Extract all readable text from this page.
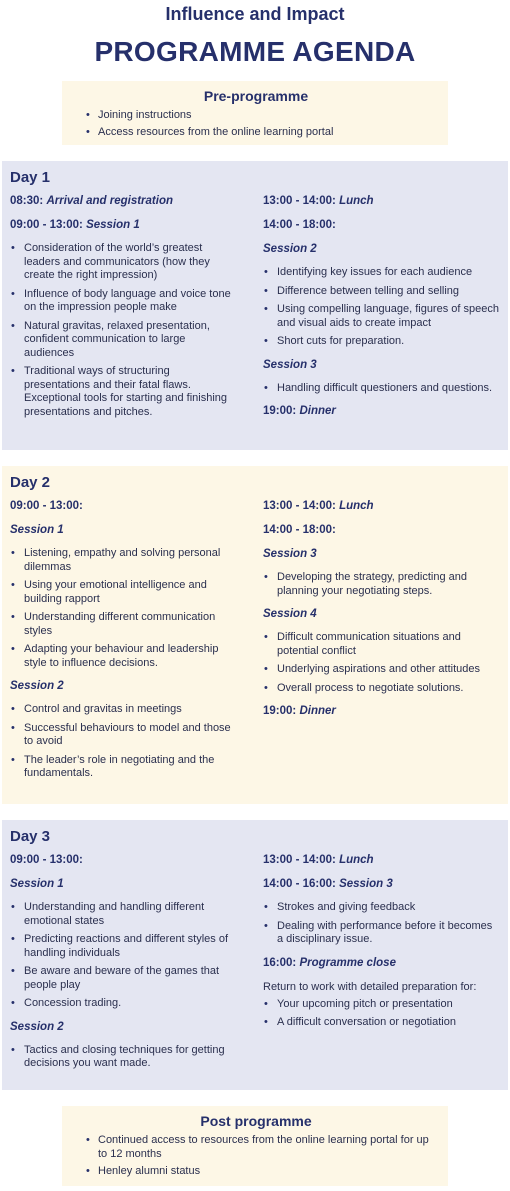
Influence and Impact
PROGRAMME AGENDA
Pre-programme
• Joining instructions
• Access resources from the online learning portal
Day 1
08:30: Arrival and registration
09:00 - 13:00: Session 1
• Consideration of the world’s greatest leaders and communicators (how they create the right impression)
• Influence of body language and voice tone on the impression people make
• Natural gravitas, relaxed presentation, confident communication to large audiences
• Traditional ways of structuring presentations and their fatal flaws. Exceptional tools for starting and finishing presentations and pitches.
13:00 - 14:00: Lunch
14:00 - 18:00:
Session 2
• Identifying key issues for each audience
• Difference between telling and selling
• Using compelling language, figures of speech and visual aids to create impact
• Short cuts for preparation.
Session 3
• Handling difficult questioners and questions.
19:00: Dinner
Day 2
09:00 - 13:00:
Session 1
• Listening, empathy and solving personal dilemmas
• Using your emotional intelligence and building rapport
• Understanding different communication styles
• Adapting your behaviour and leadership style to influence decisions.
Session 2
• Control and gravitas in meetings
• Successful behaviours to model and those to avoid
• The leader’s role in negotiating and the fundamentals.
13:00 - 14:00: Lunch
14:00 - 18:00:
Session 3
• Developing the strategy, predicting and planning your negotiating steps.
Session 4
• Difficult communication situations and potential conflict
• Underlying aspirations and other attitudes
• Overall process to negotiate solutions.
19:00: Dinner
Day 3
09:00 - 13:00:
Session 1
• Understanding and handling different emotional states
• Predicting reactions and different styles of handling individuals
• Be aware and beware of the games that people play
• Concession trading.
Session 2
• Tactics and closing techniques for getting decisions you want made.
13:00 - 14:00: Lunch
14:00 - 16:00: Session 3
• Strokes and giving feedback
• Dealing with performance before it becomes a disciplinary issue.
16:00: Programme close
Return to work with detailed preparation for:
• Your upcoming pitch or presentation
• A difficult conversation or negotiation
Post programme
• Continued access to resources from the online learning portal for up to 12 months
• Henley alumni status
